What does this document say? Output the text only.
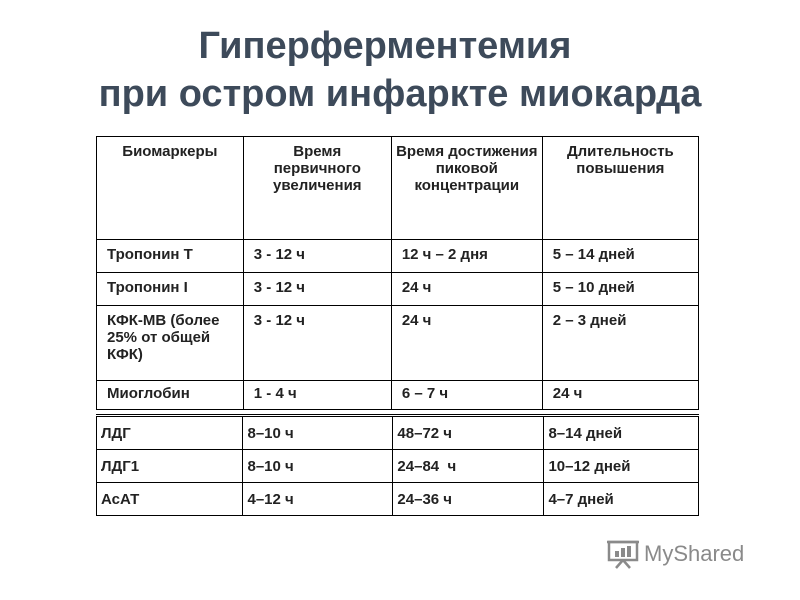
Гиперферментемия
при остром инфаркте миокарда
Биомаркеры	Время первичного увеличения	Время достижения пиковой концентрации	Длительность повышения
Тропонин Т	3 - 12 ч	12 ч – 2 дня	5 – 14 дней
Тропонин I	3 - 12 ч	24 ч	5 – 10 дней
КФК-МВ (более 25% от общей КФК)	3 - 12 ч	24 ч	2 – 3 дней
Миоглобин	1 - 4 ч	6 – 7 ч	24 ч
ЛДГ	8–10 ч	48–72 ч	8–14 дней
ЛДГ1	8–10 ч	24–84  ч	10–12 дней
АсАТ	4–12 ч	24–36 ч	4–7 дней
MyShared
